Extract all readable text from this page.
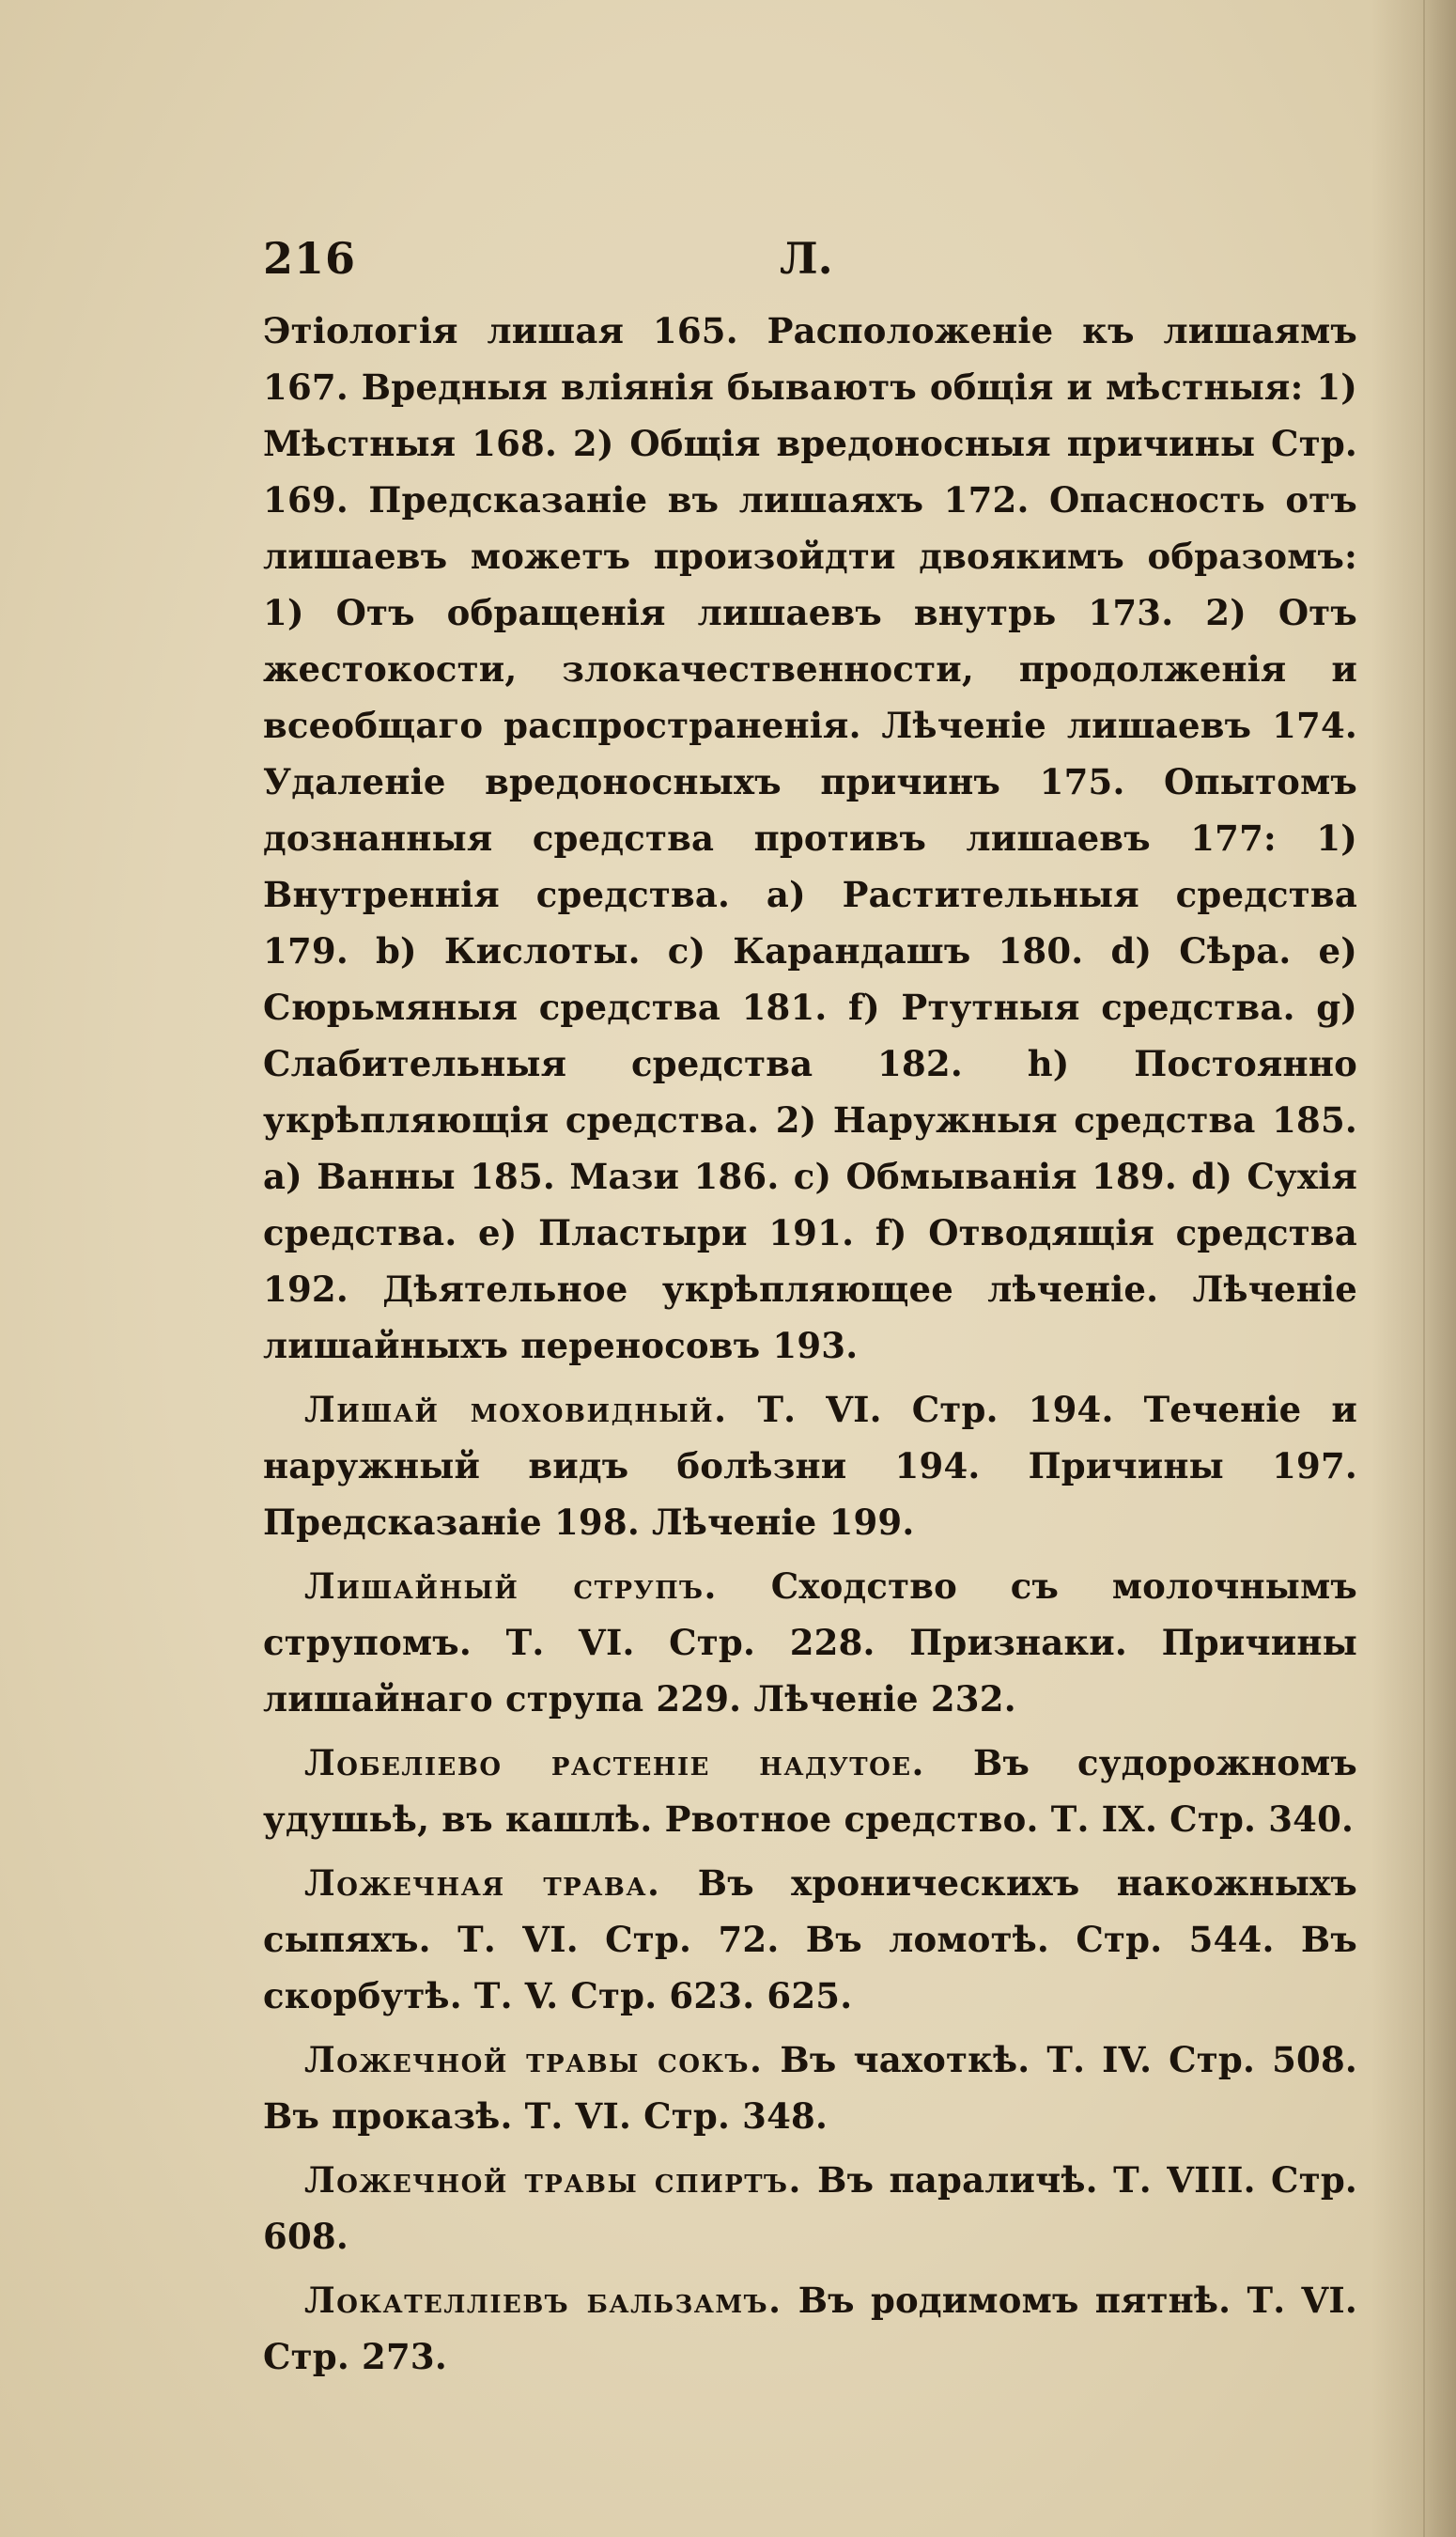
216	Л.

Этіологія лишая 165. Расположеніе къ лишаямъ 167. Вредныя вліянія бываютъ общія и мѣстныя: 1) Мѣстныя 168. 2) Общія вредоносныя причины Стр. 169. Предсказаніе въ лишаяхъ 172. Опасность отъ лишаевъ можетъ произойдти двоякимъ образомъ: 1) Отъ обращенія лишаевъ внутрь 173. 2) Отъ жестокости, злокачественности, продолженія и всеобщаго распространенія. Лѣченіе лишаевъ 174. Удаленіе вредоносныхъ причинъ 175. Опытомъ дознанныя средства противъ лишаевъ 177: 1) Внутреннія средства. a) Растительныя средства 179. b) Кислоты. c) Карандашъ 180. d) Сѣра. e) Сюрьмяныя средства 181. f) Ртутныя средства. g) Слабительныя средства 182. h) Постоянно укрѣпляющія средства. 2) Наружныя средства 185. a) Ванны 185. Мази 186. c) Обмыванія 189. d) Сухія средства. e) Пластыри 191. f) Отводящія средства 192. Дѣятельное укрѣпляющее лѣченіе. Лѣченіе лишайныхъ переносовъ 193.

Лишай моховидный. Т. VI. Стр. 194. Теченіе и наружный видъ болѣзни 194. Причины 197. Предсказаніе 198. Лѣченіе 199.

Лишайный струпъ. Сходство съ молочнымъ струпомъ. Т. VI. Стр. 228. Признаки. Причины лишайнаго струпа 229. Лѣченіе 232.

Лобеліево растеніе надутое. Въ судорожномъ удушьѣ, въ кашлѣ. Рвотное средство. Т. IX. Стр. 340.

Ложечная трава. Въ хроническихъ накожныхъ сыпяхъ. Т. VI. Стр. 72. Въ ломотѣ. Стр. 544. Въ скорбутѣ. Т. V. Стр. 623. 625.

Ложечной травы сокъ. Въ чахоткѣ. Т. IV. Стр. 508. Въ проказѣ. Т. VI. Стр. 348.

Ложечной травы спиртъ. Въ параличѣ. Т. VIII. Стр. 608.

Локателліевъ бальзамъ. Въ родимомъ пятнѣ. Т. VI. Стр. 273.
